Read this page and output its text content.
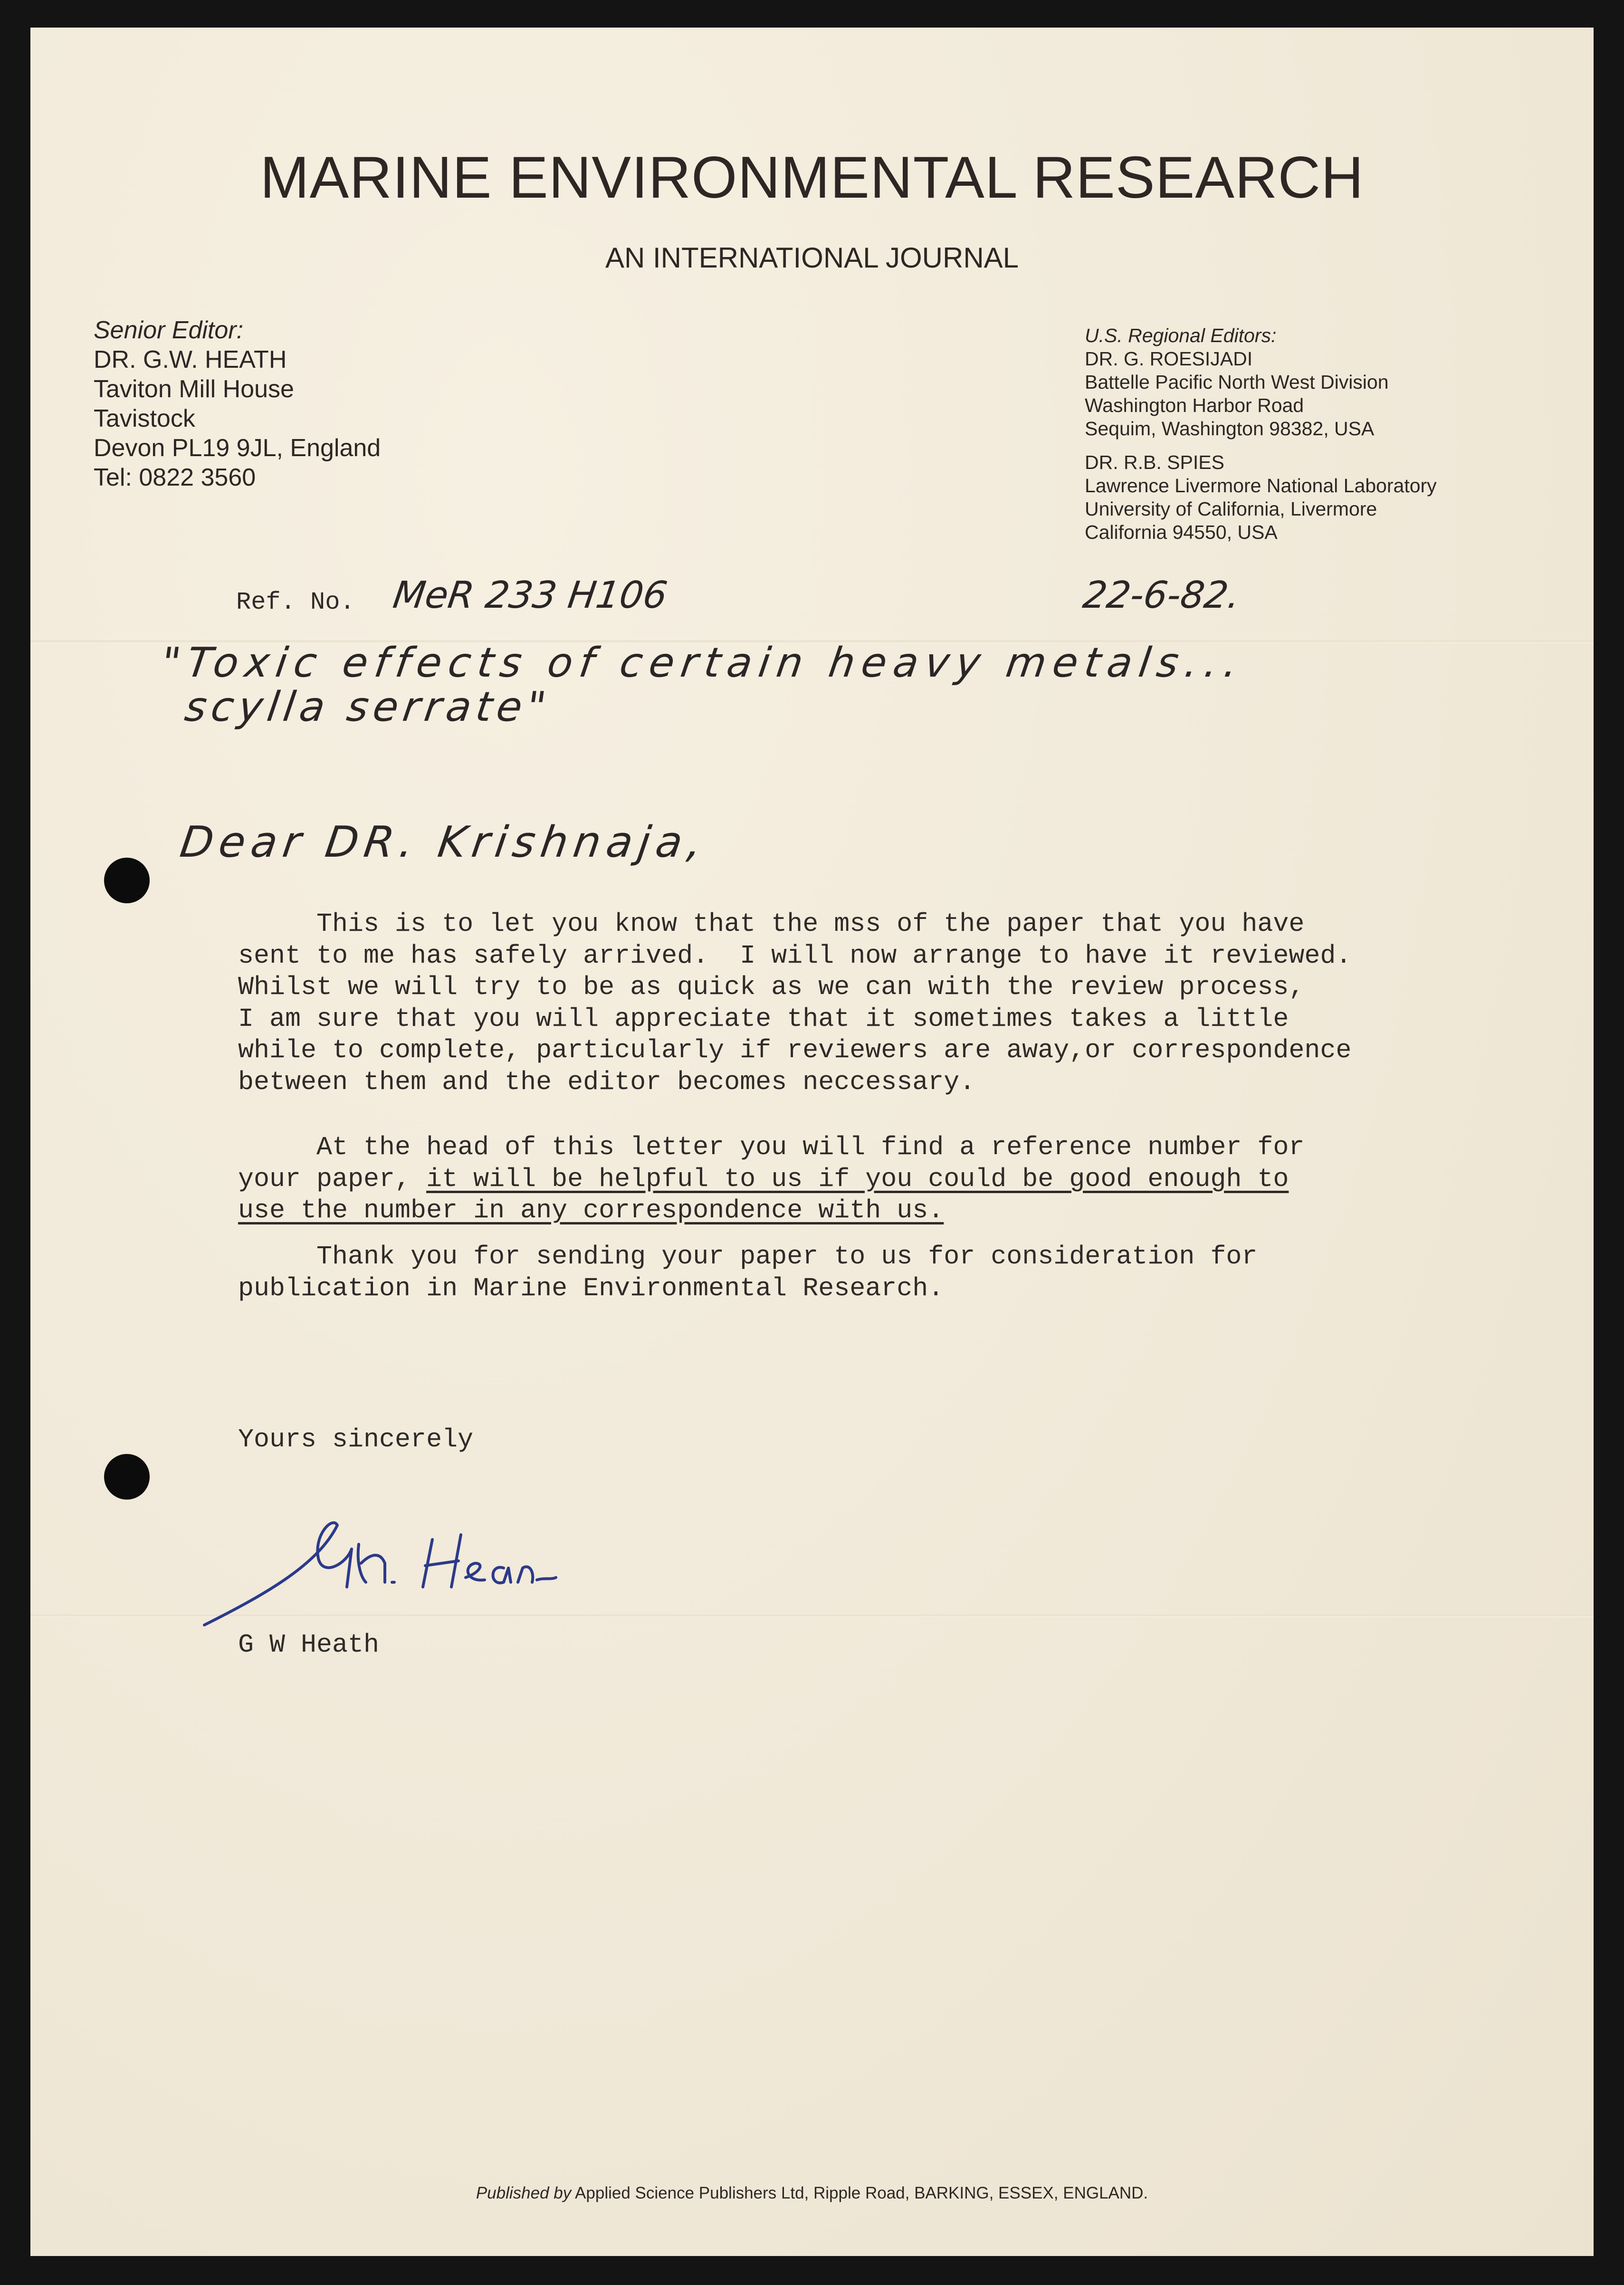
MARINE ENVIRONMENTAL RESEARCH
AN INTERNATIONAL JOURNAL
Senior Editor:
DR. G.W. HEATH
Taviton Mill House
Tavistock
Devon PL19 9JL, England
Tel: 0822 3560
U.S. Regional Editors:
DR. G. ROESIJADI
Battelle Pacific North West Division
Washington Harbor Road
Sequim, Washington 98382, USA
DR. R.B. SPIES
Lawrence Livermore National Laboratory
University of California, Livermore
California 94550, USA
Ref. No. MeR 233 H106	22-6-82.
"Toxic effects of certain heavy metals...
scylla serrate"
Dear DR. Krishnaja,
This is to let you know that the mss of the paper that you have
sent to me has safely arrived.  I will now arrange to have it reviewed.
Whilst we will try to be as quick as we can with the review process,
I am sure that you will appreciate that it sometimes takes a little
while to complete, particularly if reviewers are away,or correspondence
between them and the editor becomes neccessary.
At the head of this letter you will find a reference number for
your paper, it will be helpful to us if you could be good enough to
use the number in any correspondence with us.
Thank you for sending your paper to us for consideration for
publication in Marine Environmental Research.
Yours sincerely
G W Heath
Published by Applied Science Publishers Ltd, Ripple Road, BARKING, ESSEX, ENGLAND.
